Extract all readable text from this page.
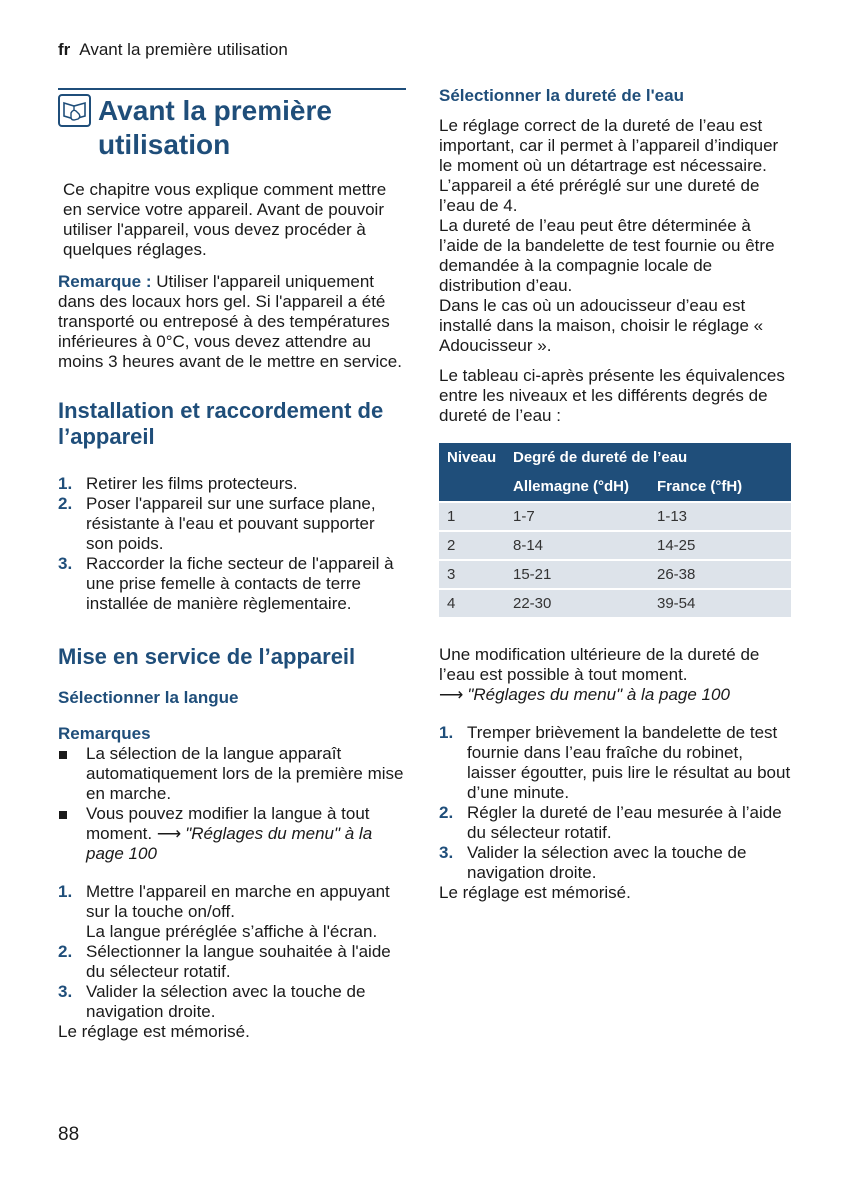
fr Avant la première utilisation
Avant la première
utilisation

Ce chapitre vous explique comment mettre en service votre appareil. Avant de pouvoir utiliser l'appareil, vous devez procéder à quelques réglages.

Remarque : Utiliser l'appareil uniquement dans des locaux hors gel. Si l'appareil a été transporté ou entreposé à des températures inférieures à 0°C, vous devez attendre au moins 3 heures avant de le mettre en service.

Installation et raccordement de l’appareil
1. Retirer les films protecteurs.
2. Poser l'appareil sur une surface plane, résistante à l'eau et pouvant supporter son poids.
3. Raccorder la fiche secteur de l'appareil à une prise femelle à contacts de terre installée de manière règlementaire.
Mise en service de l’appareil
Sélectionner la langue
Remarques
La sélection de la langue apparaît automatiquement lors de la première mise en marche.
Vous pouvez modifier la langue à tout moment. ⟶ "Réglages du menu" à la page 100
1. Mettre l'appareil en marche en appuyant sur la touche on/off.
La langue préréglée s’affiche à l'écran.
2. Sélectionner la langue souhaitée à l'aide du sélecteur rotatif.
3. Valider la sélection avec la touche de navigation droite.

Le réglage est mémorisé.

Sélectionner la dureté de l'eau

Le réglage correct de la dureté de l’eau est important, car il permet à l’appareil d’indiquer le moment où un détartrage est nécessaire. L’appareil a été préréglé sur une dureté de l’eau de 4.

La dureté de l’eau peut être déterminée à l’aide de la bandelette de test fournie ou être demandée à la compagnie locale de distribution d’eau.

Dans le cas où un adoucisseur d’eau est installé dans la maison, choisir le réglage « Adoucisseur ».

Le tableau ci-après présente les équivalences entre les niveaux et les différents degrés de dureté de l’eau :

Niveau	Degré de dureté de l’eau	
	Allemagne (°dH)	France (°fH)
1	1-7	1-13
2	8-14	14-25
3	15-21	26-38
4	22-30	39-54

Une modification ultérieure de la dureté de l’eau est possible à tout moment.
⟶ "Réglages du menu" à la page 100

1. Tremper brièvement la bandelette de test fournie dans l’eau fraîche du robinet, laisser égoutter, puis lire le résultat au bout d’une minute.
2. Régler la dureté de l’eau mesurée à l’aide du sélecteur rotatif.
3. Valider la sélection avec la touche de navigation droite.

Le réglage est mémorisé.

88
